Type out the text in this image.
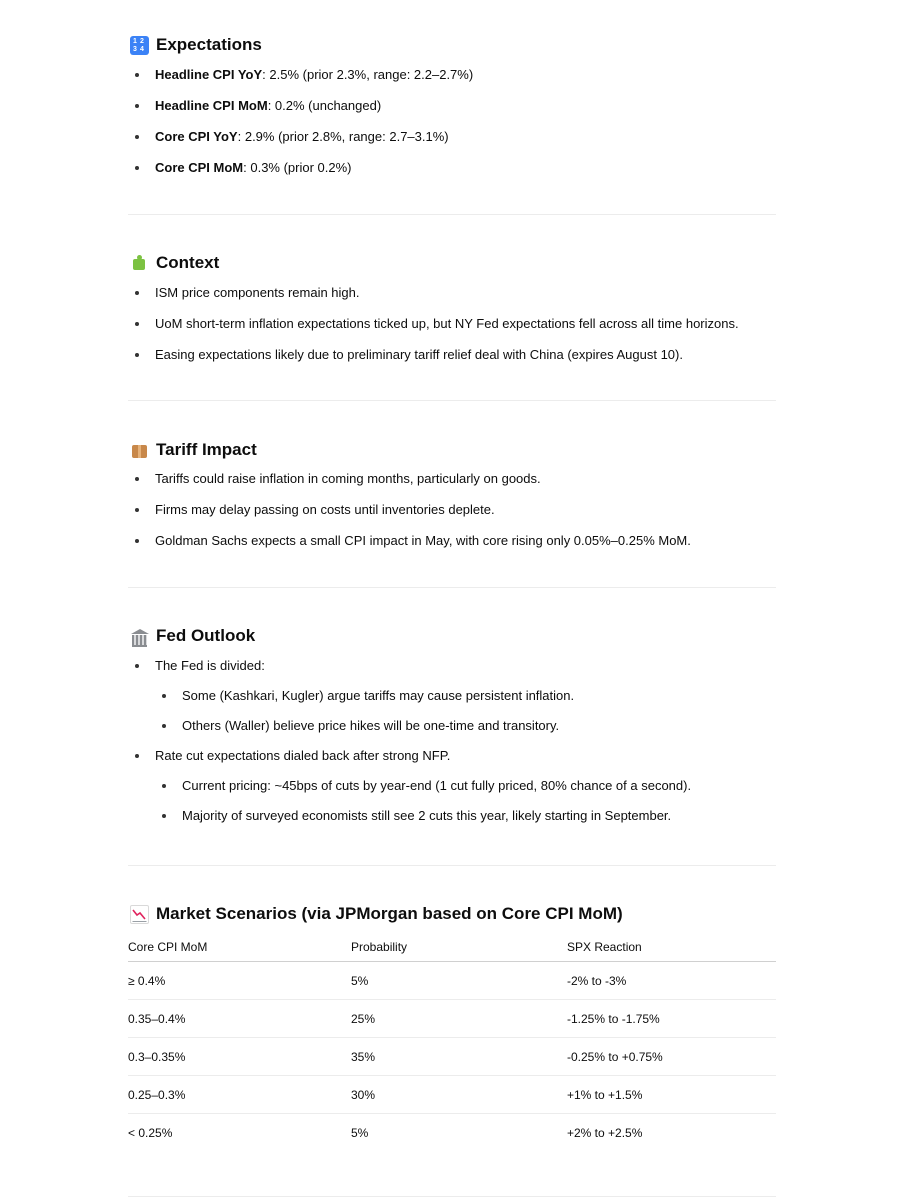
1 2
3 4 Expectations
Headline CPI YoY: 2.5% (prior 2.3%, range: 2.2–2.7%)
Headline CPI MoM: 0.2% (unchanged)
Core CPI YoY: 2.9% (prior 2.8%, range: 2.7–3.1%)
Core CPI MoM: 0.3% (prior 0.2%)
Context
ISM price components remain high.
UoM short-term inflation expectations ticked up, but NY Fed expectations fell across all time horizons.
Easing expectations likely due to preliminary tariff relief deal with China (expires August 10).
Tariff Impact
Tariffs could raise inflation in coming months, particularly on goods.
Firms may delay passing on costs until inventories deplete.
Goldman Sachs expects a small CPI impact in May, with core rising only 0.05%–0.25% MoM.
Fed Outlook
The Fed is divided:
Some (Kashkari, Kugler) argue tariffs may cause persistent inflation.
Others (Waller) believe price hikes will be one-time and transitory.
Rate cut expectations dialed back after strong NFP.
Current pricing: ~45bps of cuts by year-end (1 cut fully priced, 80% chance of a second).
Majority of surveyed economists still see 2 cuts this year, likely starting in September.
Market Scenarios (via JPMorgan based on Core CPI MoM)
Core CPI MoM	Probability	SPX Reaction
≥ 0.4%	5%	-2% to -3%
0.35–0.4%	25%	-1.25% to -1.75%
0.3–0.35%	35%	-0.25% to +0.75%
0.25–0.3%	30%	+1% to +1.5%
< 0.25%	5%	+2% to +2.5%
